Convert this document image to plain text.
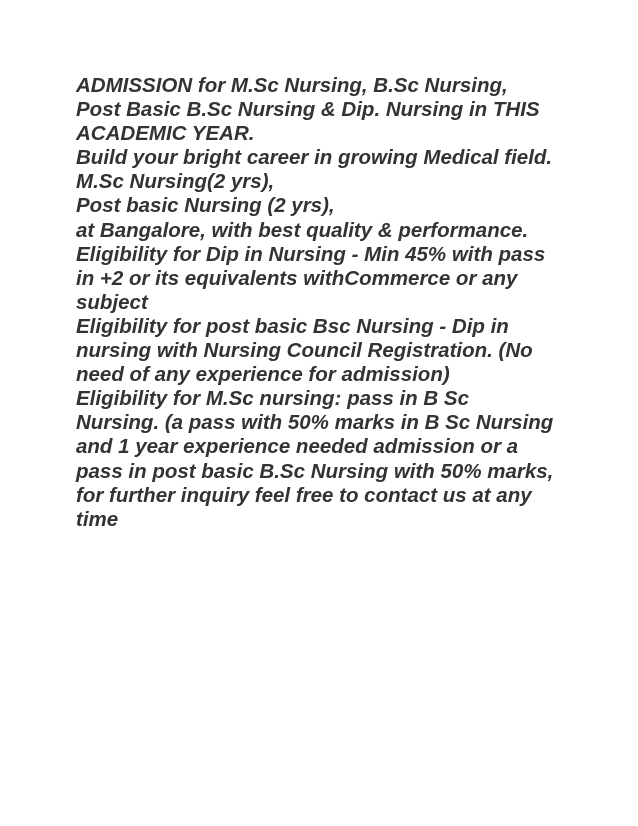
ADMISSION for M.Sc Nursing, B.Sc Nursing,
Post Basic B.Sc Nursing & Dip. Nursing in THIS
ACADEMIC YEAR.
Build your bright career in growing Medical field.
M.Sc Nursing(2 yrs),
Post basic Nursing (2 yrs),
at Bangalore, with best quality & performance.
Eligibility for Dip in Nursing - Min 45% with pass
in +2 or its equivalents withCommerce or any
subject
Eligibility for post basic Bsc Nursing - Dip in
nursing with Nursing Council Registration. (No
need of any experience for admission)
Eligibility for M.Sc nursing: pass in B Sc
Nursing. (a pass with 50% marks in B Sc Nursing
and 1 year experience needed admission or a
pass in post basic B.Sc Nursing with 50% marks,
for further inquiry feel free to contact us at any
time
